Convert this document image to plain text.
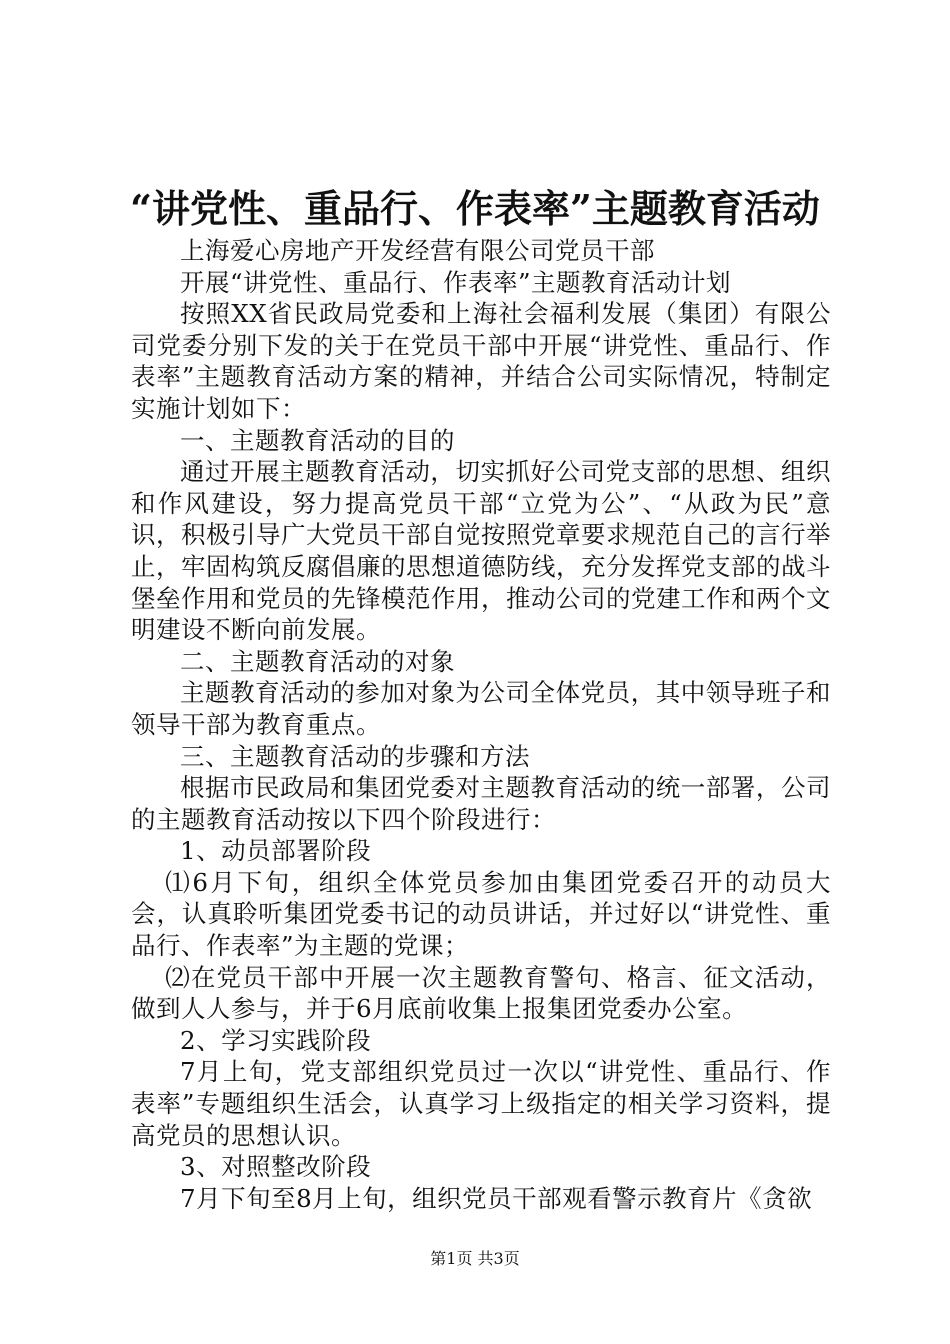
“讲党性、重品行、作表率”主题教育活动

上海爱心房地产开发经营有限公司党员干部

开展“讲党性、重品行、作表率”主题教育活动计划

按照XX省民政局党委和上海社会福利发展（集团）有限公司党委分别下发的关于在党员干部中开展“讲党性、重品行、作表率”主题教育活动方案的精神，并结合公司实际情况，特制定实施计划如下：

一、主题教育活动的目的

通过开展主题教育活动，切实抓好公司党支部的思想、组织和作风建设，努力提高党员干部“立党为公”、“从政为民”意识，积极引导广大党员干部自觉按照党章要求规范自己的言行举止，牢固构筑反腐倡廉的思想道德防线，充分发挥党支部的战斗堡垒作用和党员的先锋模范作用，推动公司的党建工作和两个文明建设不断向前发展。

二、主题教育活动的对象

主题教育活动的参加对象为公司全体党员，其中领导班子和领导干部为教育重点。

三、主题教育活动的步骤和方法

根据市民政局和集团党委对主题教育活动的统一部署，公司的主题教育活动按以下四个阶段进行：

1、动员部署阶段

⑴6月下旬，组织全体党员参加由集团党委召开的动员大会，认真聆听集团党委书记的动员讲话，并过好以“讲党性、重品行、作表率”为主题的党课；

⑵在党员干部中开展一次主题教育警句、格言、征文活动，做到人人参与，并于6月底前收集上报集团党委办公室。

2、学习实践阶段

7月上旬，党支部组织党员过一次以“讲党性、重品行、作表率”专题组织生活会，认真学习上级指定的相关学习资料，提高党员的思想认识。

3、对照整改阶段

7月下旬至8月上旬，组织党员干部观看警示教育片《贪欲

第1页 共3页
